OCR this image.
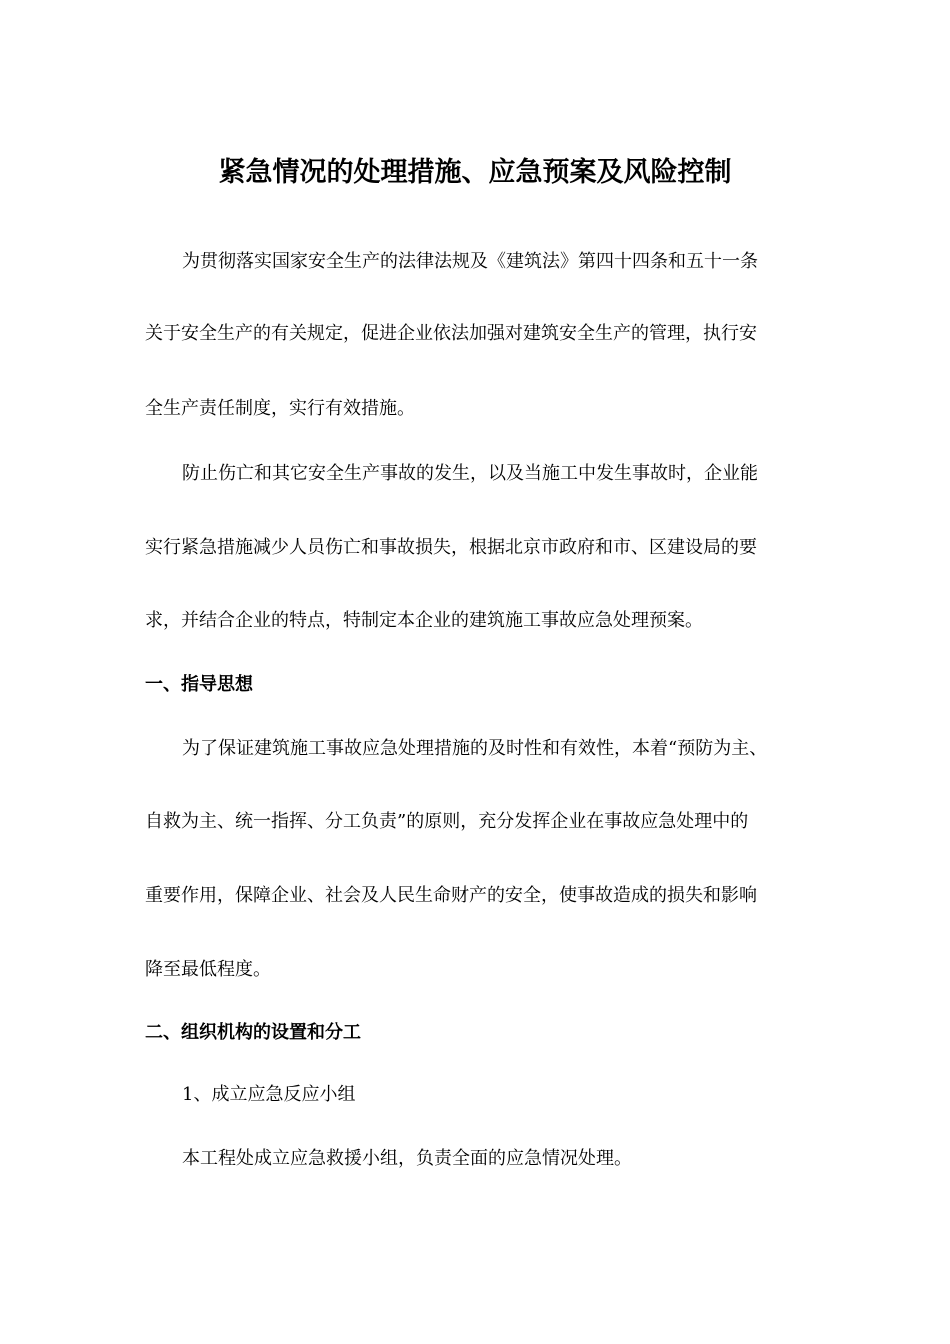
紧急情况的处理措施、应急预案及风险控制
为贯彻落实国家安全生产的法律法规及《建筑法》第四十四条和五十一条
关于安全生产的有关规定，促进企业依法加强对建筑安全生产的管理，执行安
全生产责任制度，实行有效措施。
防止伤亡和其它安全生产事故的发生，以及当施工中发生事故时，企业能
实行紧急措施减少人员伤亡和事故损失，根据北京市政府和市、区建设局的要
求，并结合企业的特点，特制定本企业的建筑施工事故应急处理预案。
一、指导思想
为了保证建筑施工事故应急处理措施的及时性和有效性，本着“预防为主、
自救为主、统一指挥、分工负责”的原则，充分发挥企业在事故应急处理中的
重要作用，保障企业、社会及人民生命财产的安全，使事故造成的损失和影响
降至最低程度。
二、组织机构的设置和分工
1、成立应急反应小组
本工程处成立应急救援小组，负责全面的应急情况处理。
